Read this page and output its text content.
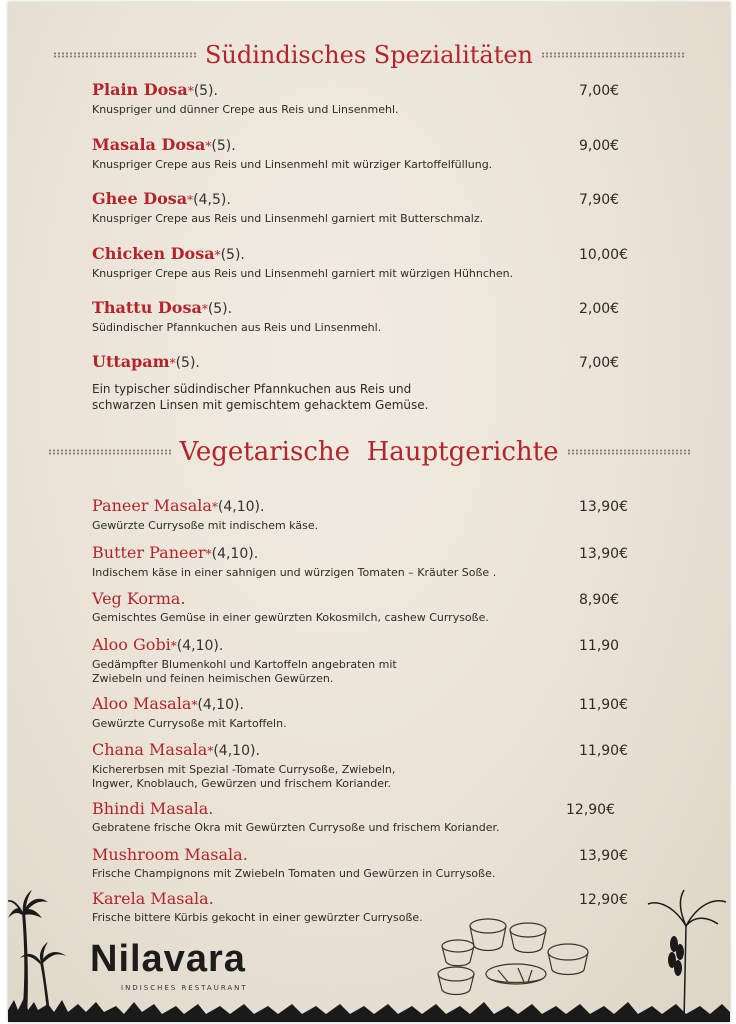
Südindisches Spezialitäten
Plain Dosa*(5).
Knuspriger und dünner Crepe aus Reis und Linsenmehl.
7,00€
Masala Dosa*(5).
Knuspriger Crepe aus Reis und Linsenmehl mit würziger Kartoffelfüllung.
9,00€
Ghee Dosa*(4,5).
Knuspriger Crepe aus Reis und Linsenmehl garniert mit Butterschmalz.
7,90€
Chicken Dosa*(5).
Knuspriger Crepe aus Reis und Linsenmehl garniert mit würzigen Hühnchen.
10,00€
Thattu Dosa*(5).
Südindischer Pfannkuchen aus Reis und Linsenmehl.
2,00€
Uttapam*(5).
Ein typischer südindischer Pfannkuchen aus Reis und
schwarzen Linsen mit gemischtem gehacktem Gemüse.
7,00€
Vegetarische  Hauptgerichte
Paneer Masala*(4,10).
Gewürzte Currysoße mit indischem käse.
13,90€
Butter Paneer*(4,10).
Indischem käse in einer sahnigen und würzigen Tomaten – Kräuter Soße .
13,90€
Veg Korma.
Gemischtes Gemüse in einer gewürzten Kokosmilch, cashew Currysoße.
8,90€
Aloo Gobi*(4,10).
Gedämpfter Blumenkohl und Kartoffeln angebraten mit
Zwiebeln und feinen heimischen Gewürzen.
11,90
Aloo Masala*(4,10).
Gewürzte Currysoße mit Kartoffeln.
11,90€
Chana Masala*(4,10).
Kichererbsen mit Spezial -Tomate Currysoße, Zwiebeln,
Ingwer, Knoblauch, Gewürzen und frischem Koriander.
11,90€
Bhindi Masala.
Gebratene frische Okra mit Gewürzten Currysoße und frischem Koriander.
12,90€
Mushroom Masala.
Frische Champignons mit Zwiebeln Tomaten und Gewürzen in Currysoße.
13,90€
Karela Masala.
Frische bittere Kürbis gekocht in einer gewürzter Currysoße.
12,90€
Nilavara
INDISCHES RESTAURANT
